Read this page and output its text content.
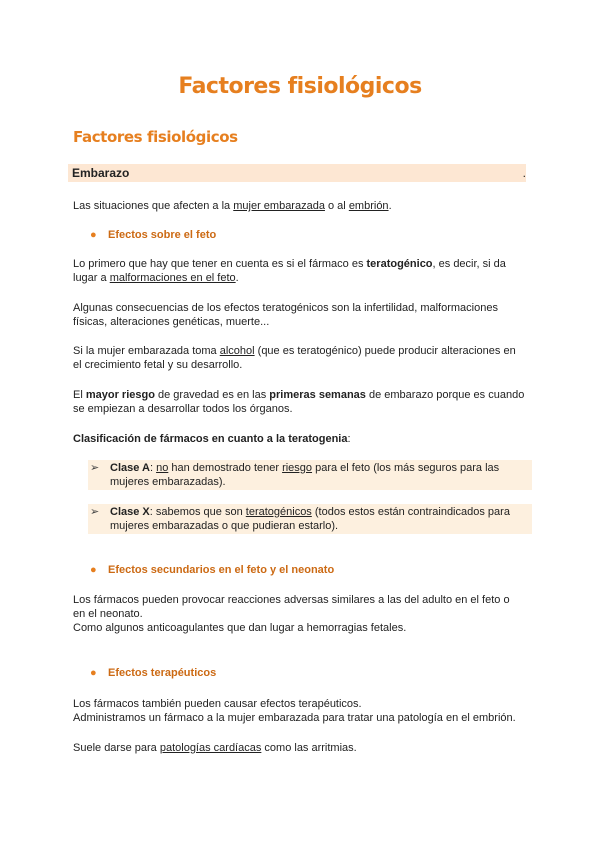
Factores fisiológicos
Factores fisiológicos
Embarazo	.
Las situaciones que afecten a la mujer embarazada o al embrión.
● Efectos sobre el feto
Lo primero que hay que tener en cuenta es si el fármaco es teratogénico, es decir, si da
lugar a malformaciones en el feto.
Algunas consecuencias de los efectos teratogénicos son la infertilidad, malformaciones
físicas, alteraciones genéticas, muerte...
Si la mujer embarazada toma alcohol (que es teratogénico) puede producir alteraciones en
el crecimiento fetal y su desarrollo.
El mayor riesgo de gravedad es en las primeras semanas de embarazo porque es cuando
se empiezan a desarrollar todos los órganos.
Clasificación de fármacos en cuanto a la teratogenia:
➢ Clase A: no han demostrado tener riesgo para el feto (los más seguros para las
mujeres embarazadas).
➢ Clase X: sabemos que son teratogénicos (todos estos están contraindicados para
mujeres embarazadas o que pudieran estarlo).
● Efectos secundarios en el feto y el neonato
Los fármacos pueden provocar reacciones adversas similares a las del adulto en el feto o
en el neonato.
Como algunos anticoagulantes que dan lugar a hemorragias fetales.
● Efectos terapéuticos
Los fármacos también pueden causar efectos terapéuticos.
Administramos un fármaco a la mujer embarazada para tratar una patología en el embrión.
Suele darse para patologías cardíacas como las arritmias.
